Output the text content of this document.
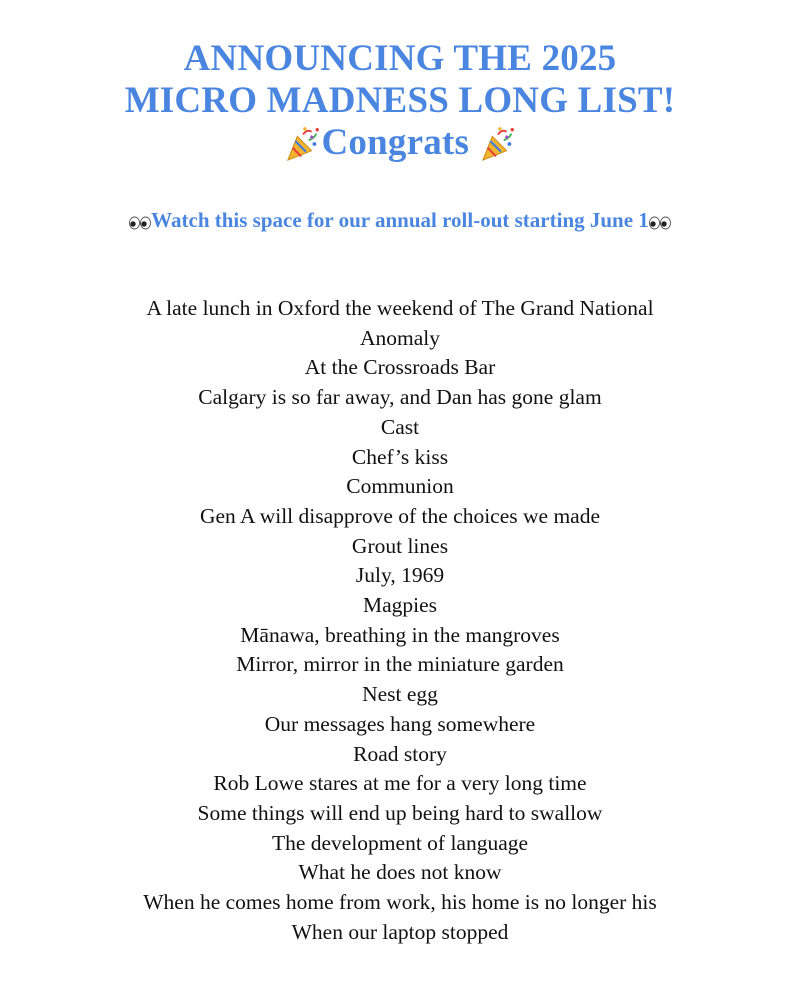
ANNOUNCING THE 2025
MICRO MADNESS LONG LIST!
Congrats
Watch this space for our annual roll-out starting June 1
A late lunch in Oxford the weekend of The Grand National
Anomaly
At the Crossroads Bar
Calgary is so far away, and Dan has gone glam
Cast
Chef’s kiss
Communion
Gen A will disapprove of the choices we made
Grout lines
July, 1969
Magpies
Mānawa, breathing in the mangroves
Mirror, mirror in the miniature garden
Nest egg
Our messages hang somewhere
Road story
Rob Lowe stares at me for a very long time
Some things will end up being hard to swallow
The development of language
What he does not know
When he comes home from work, his home is no longer his
When our laptop stopped
